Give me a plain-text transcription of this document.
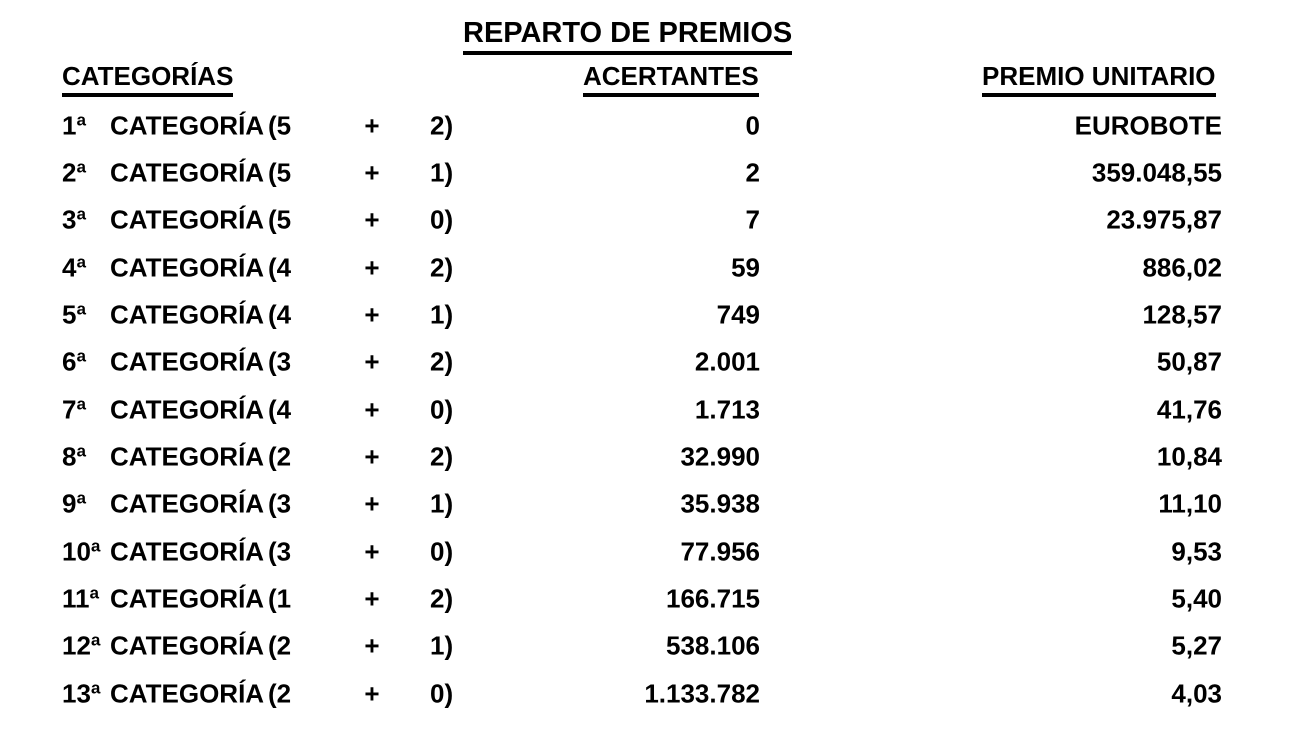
REPARTO DE PREMIOS
CATEGORÍAS	ACERTANTES	PREMIO UNITARIO
1ª CATEGORÍA (5	+ 2)	0	EUROBOTE
2ª CATEGORÍA (5	+ 1)	2	359.048,55
3ª CATEGORÍA (5	+ 0)	7	23.975,87
4ª CATEGORÍA (4	+ 2)	59	886,02
5ª CATEGORÍA (4	+ 1)	749	128,57
6ª CATEGORÍA (3	+ 2)	2.001	50,87
7ª CATEGORÍA (4	+ 0)	1.713	41,76
8ª CATEGORÍA (2	+ 2)	32.990	10,84
9ª CATEGORÍA (3	+ 1)	35.938	11,10
10ª CATEGORÍA (3	+ 0)	77.956	9,53
11ª CATEGORÍA (1	+ 2)	166.715	5,40
12ª CATEGORÍA (2	+ 1)	538.106	5,27
13ª CATEGORÍA (2	+ 0)	1.133.782	4,03
